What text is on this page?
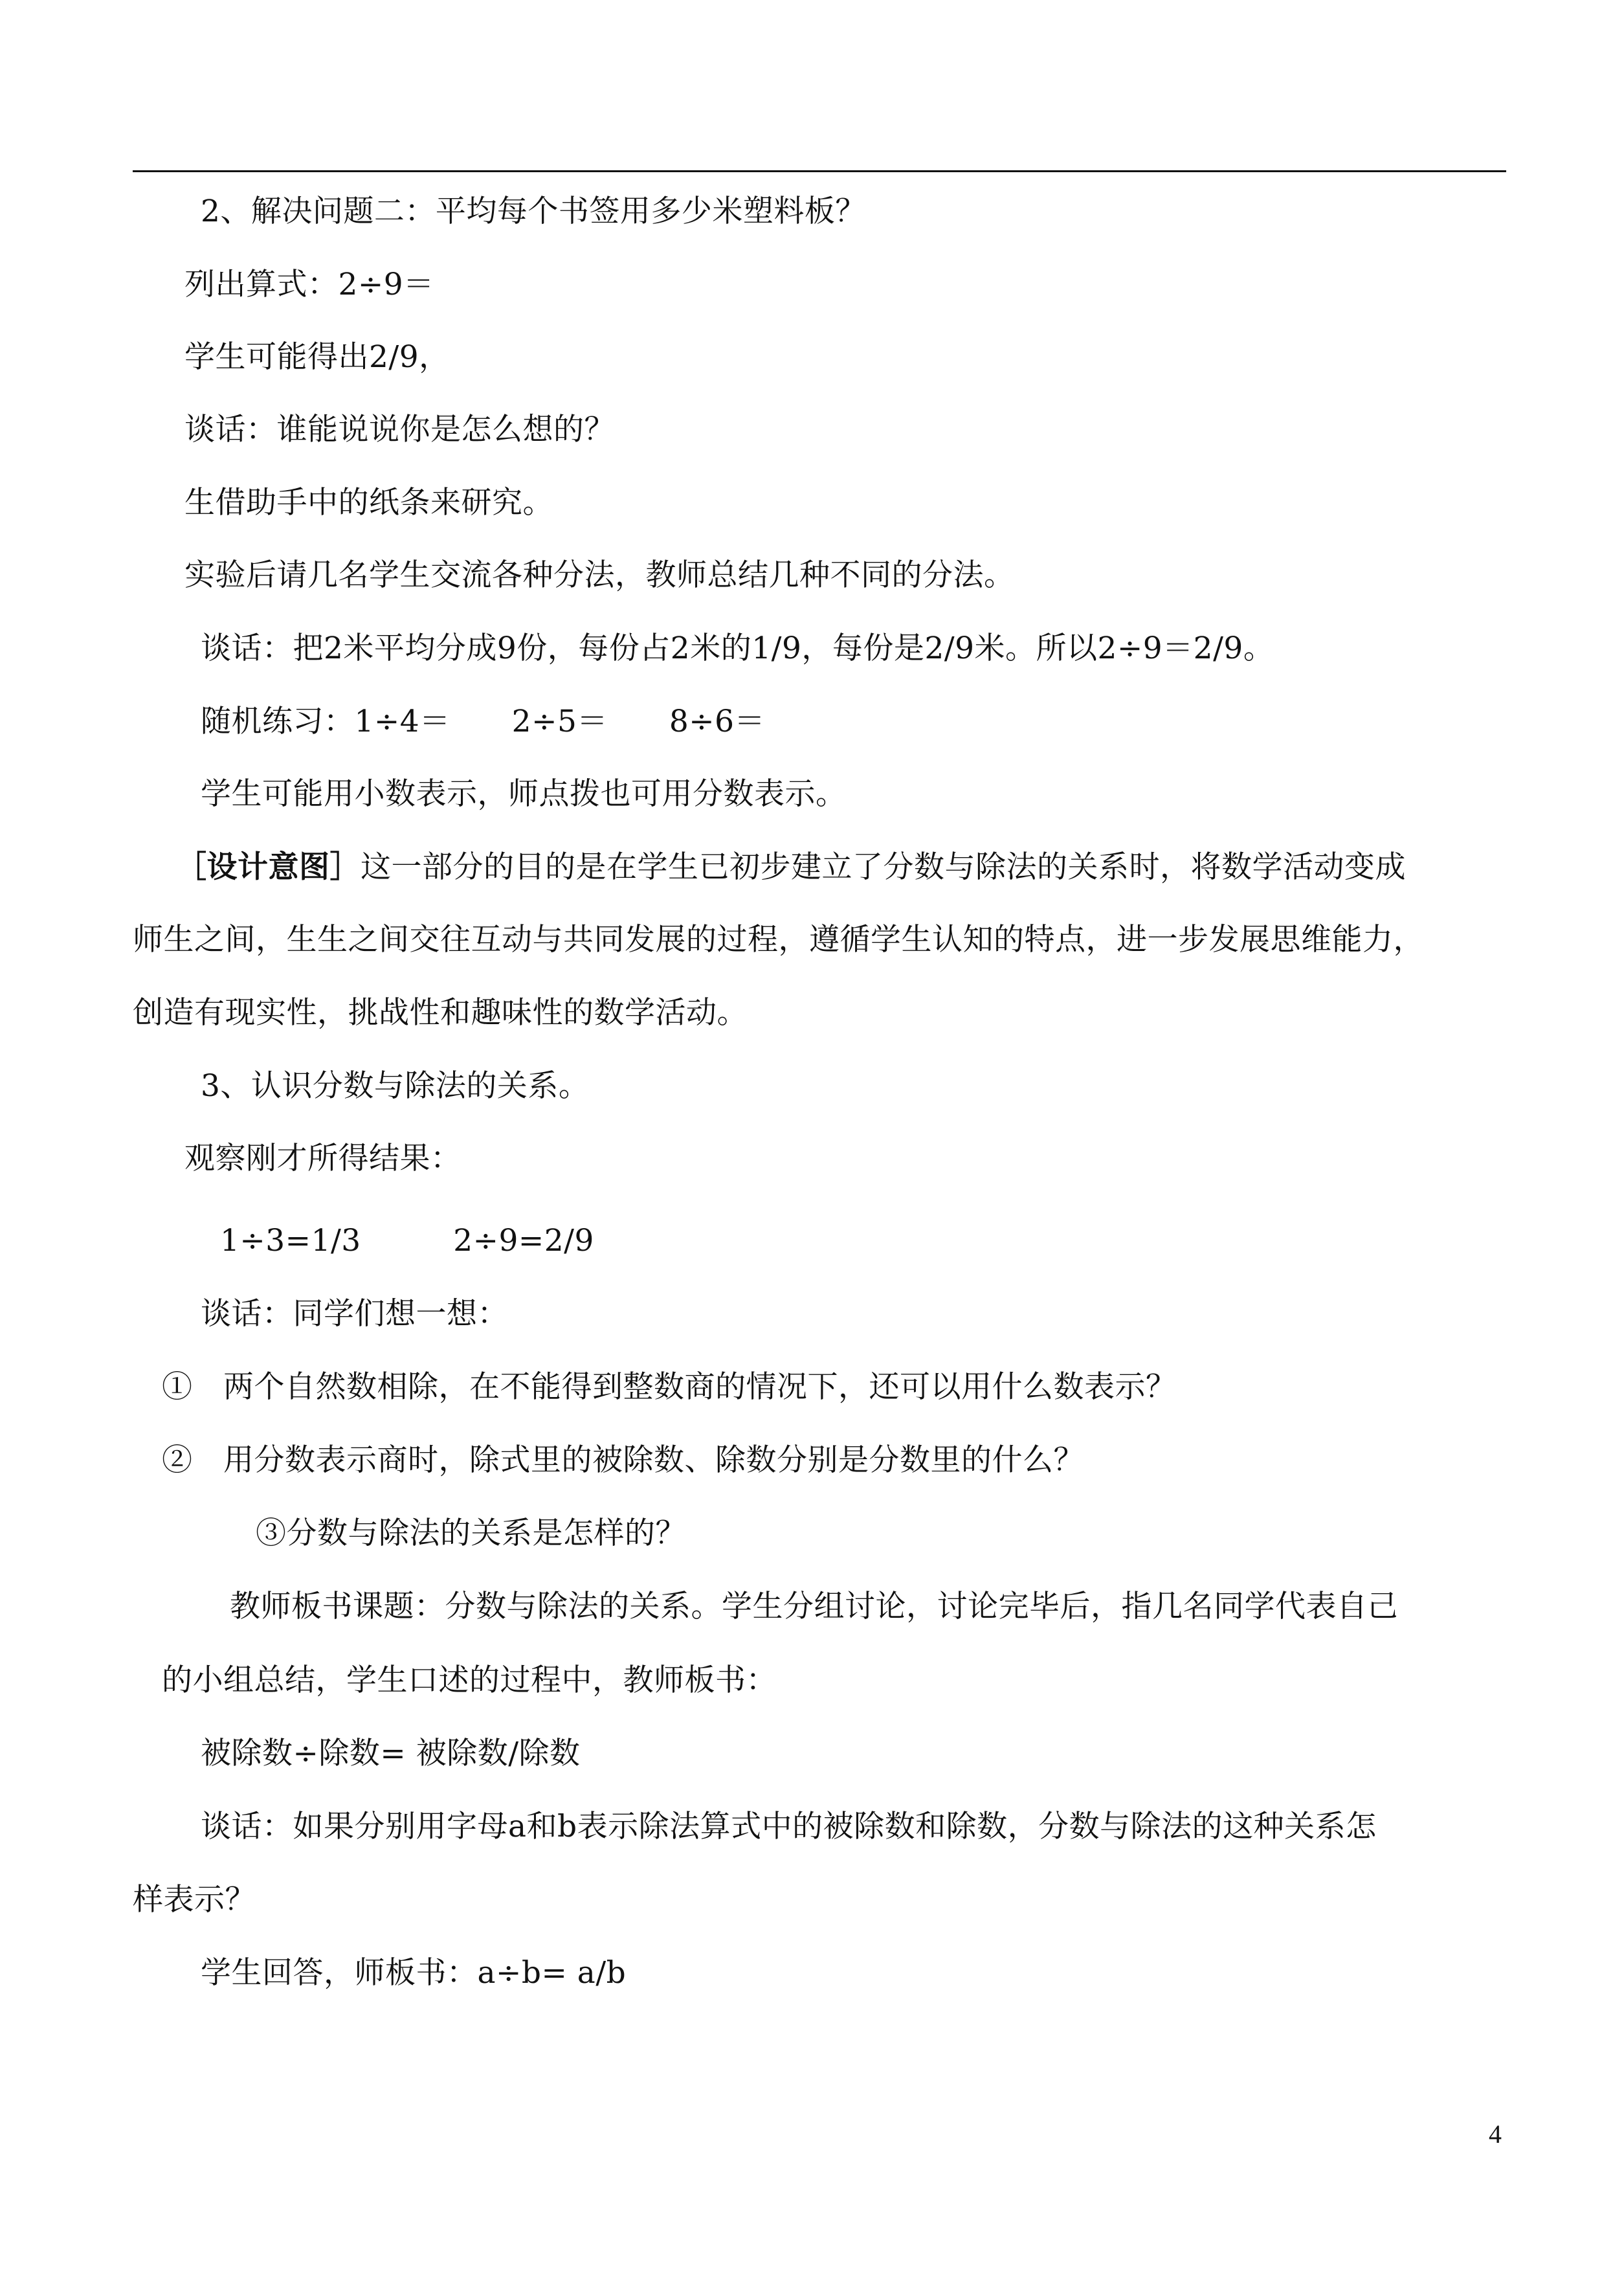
2、解决问题二：平均每个书签用多少米塑料板？
列出算式：2÷9＝
学生可能得出2/9，
谈话：谁能说说你是怎么想的？
生借助手中的纸条来研究。
实验后请几名学生交流各种分法，教师总结几种不同的分法。
谈话：把2米平均分成9份，每份占2米的1/9，每份是2/9米。所以2÷9＝2/9。
随机练习：1÷4＝　　2÷5＝　　8÷6＝
学生可能用小数表示，师点拨也可用分数表示。
［设计意图］这一部分的目的是在学生已初步建立了分数与除法的关系时，将数学活动变成
师生之间，生生之间交往互动与共同发展的过程，遵循学生认知的特点，进一步发展思维能力，
创造有现实性，挑战性和趣味性的数学活动。
3、认识分数与除法的关系。
观察刚才所得结果：
1÷3=1/3　　　2÷9=2/9
谈话：同学们想一想：
①　两个自然数相除，在不能得到整数商的情况下，还可以用什么数表示？
②　用分数表示商时，除式里的被除数、除数分别是分数里的什么？
③分数与除法的关系是怎样的？
教师板书课题：分数与除法的关系。学生分组讨论，讨论完毕后，指几名同学代表自己
的小组总结，学生口述的过程中，教师板书：
被除数÷除数= 被除数/除数
谈话：如果分别用字母a和b表示除法算式中的被除数和除数，分数与除法的这种关系怎
样表示？
学生回答，师板书：a÷b= a/b
4
